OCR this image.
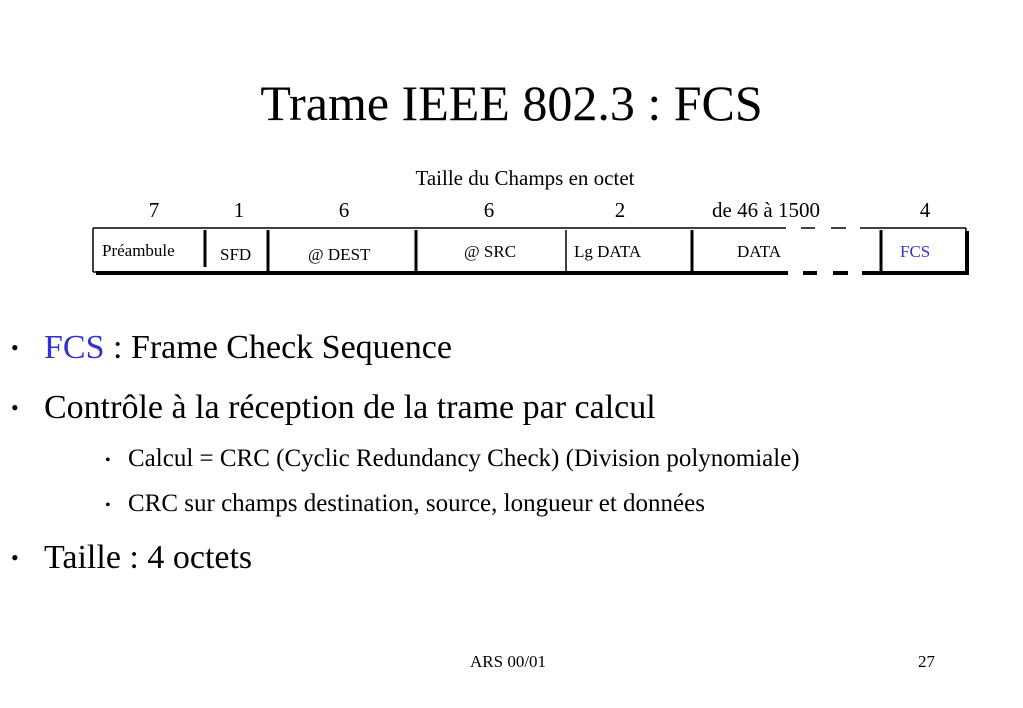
Trame IEEE 802.3 : FCS
Taille du Champs en octet
7	1	6	6	2	de 46 à 1500	4
Préambule	SFD	@ DEST	@ SRC	Lg DATA	DATA	FCS
• FCS : Frame Check Sequence
• Contrôle à la réception de la trame par calcul
• Calcul = CRC (Cyclic Redundancy Check) (Division polynomiale)
• CRC sur champs destination, source, longueur et données
• Taille : 4 octets
ARS 00/01	27
